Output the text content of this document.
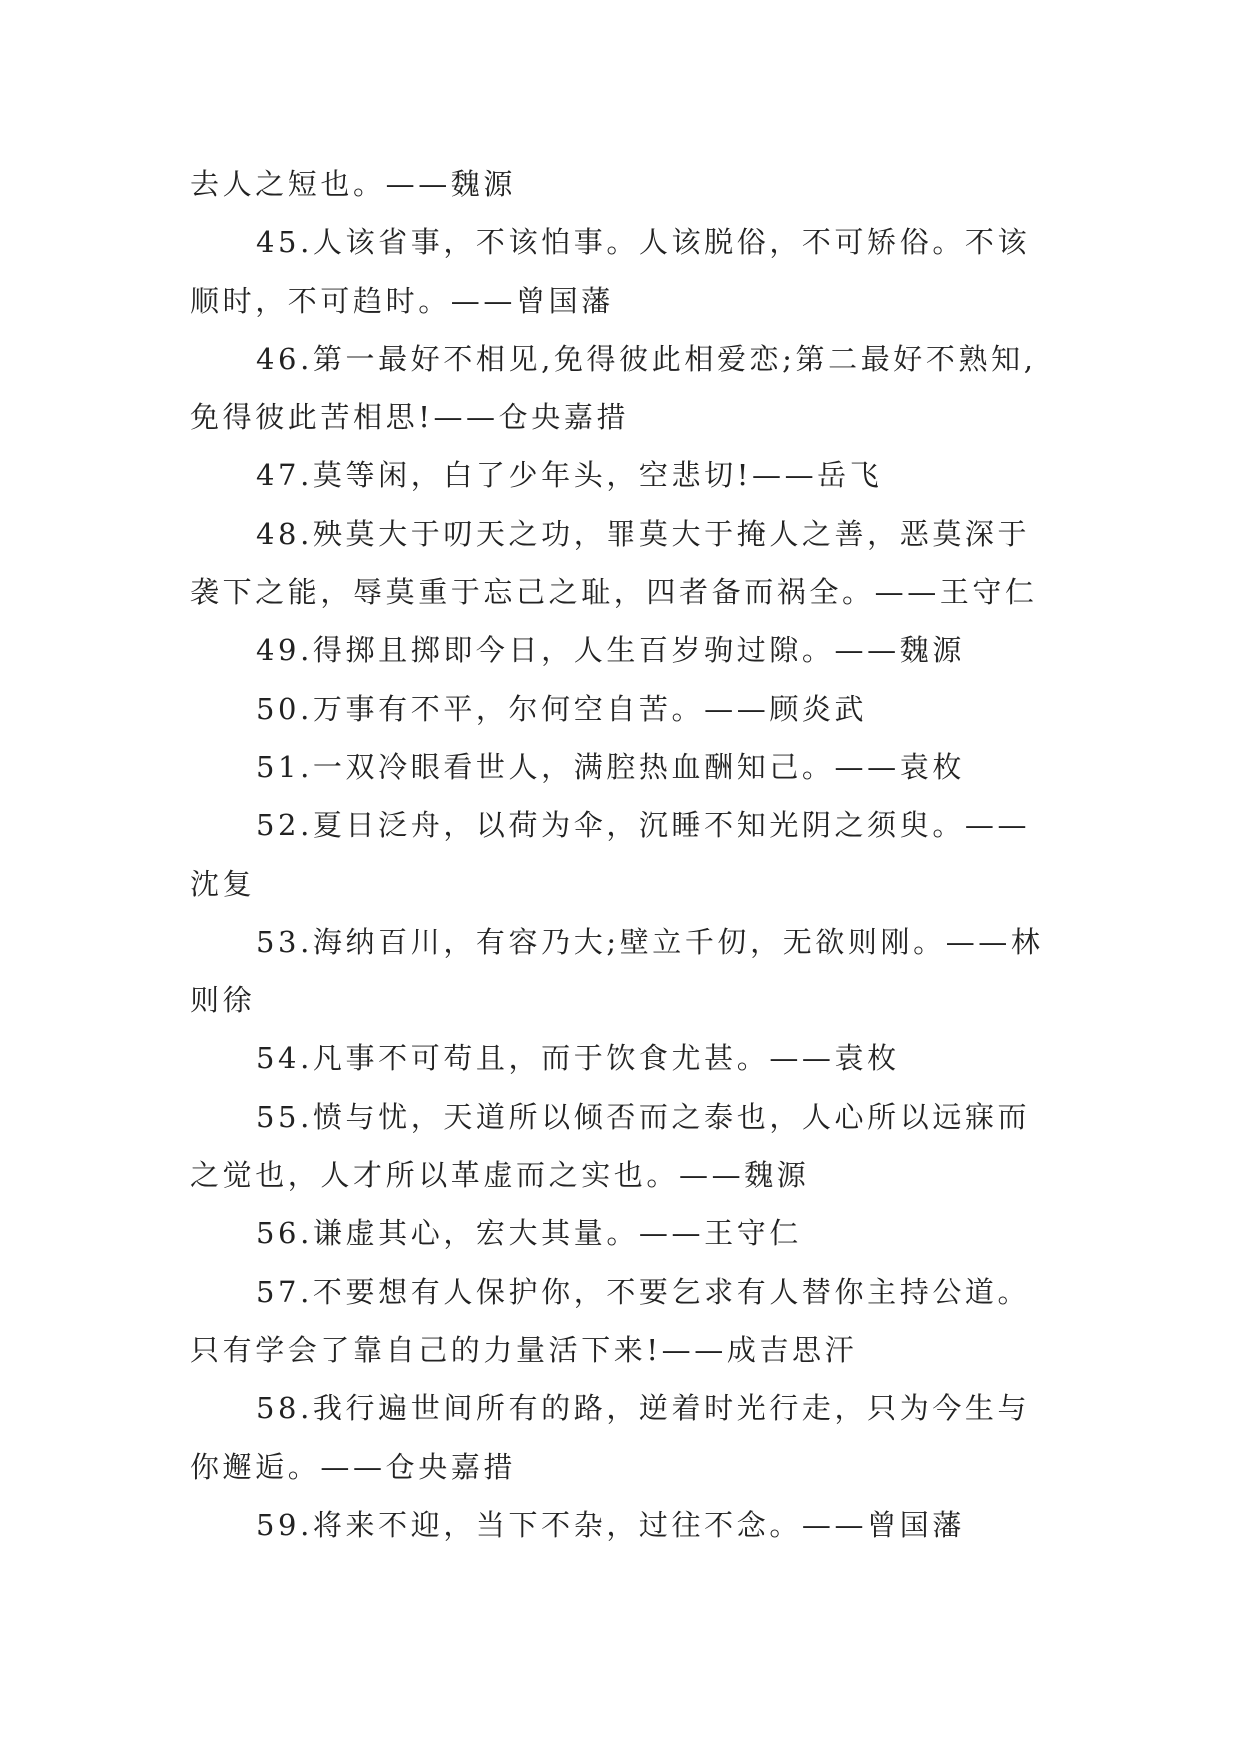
去人之短也。——魏源
45.人该省事，不该怕事。人该脱俗，不可矫俗。不该
顺时，不可趋时。——曾国藩
46.第一最好不相见,免得彼此相爱恋;第二最好不熟知,
免得彼此苦相思!——仓央嘉措
47.莫等闲，白了少年头，空悲切!——岳飞
48.殃莫大于叨天之功，罪莫大于掩人之善，恶莫深于
袭下之能，辱莫重于忘己之耻，四者备而祸全。——王守仁
49.得掷且掷即今日，人生百岁驹过隙。——魏源
50.万事有不平，尔何空自苦。——顾炎武
51.一双冷眼看世人，满腔热血酬知己。——袁枚
52.夏日泛舟，以荷为伞，沉睡不知光阴之须臾。——
沈复
53.海纳百川，有容乃大;壁立千仞，无欲则刚。——林
则徐
54.凡事不可苟且，而于饮食尤甚。——袁枚
55.愤与忧，天道所以倾否而之泰也，人心所以远寐而
之觉也，人才所以革虚而之实也。——魏源
56.谦虚其心，宏大其量。——王守仁
57.不要想有人保护你，不要乞求有人替你主持公道。
只有学会了靠自己的力量活下来!——成吉思汗
58.我行遍世间所有的路，逆着时光行走，只为今生与
你邂逅。——仓央嘉措
59.将来不迎，当下不杂，过往不念。——曾国藩
